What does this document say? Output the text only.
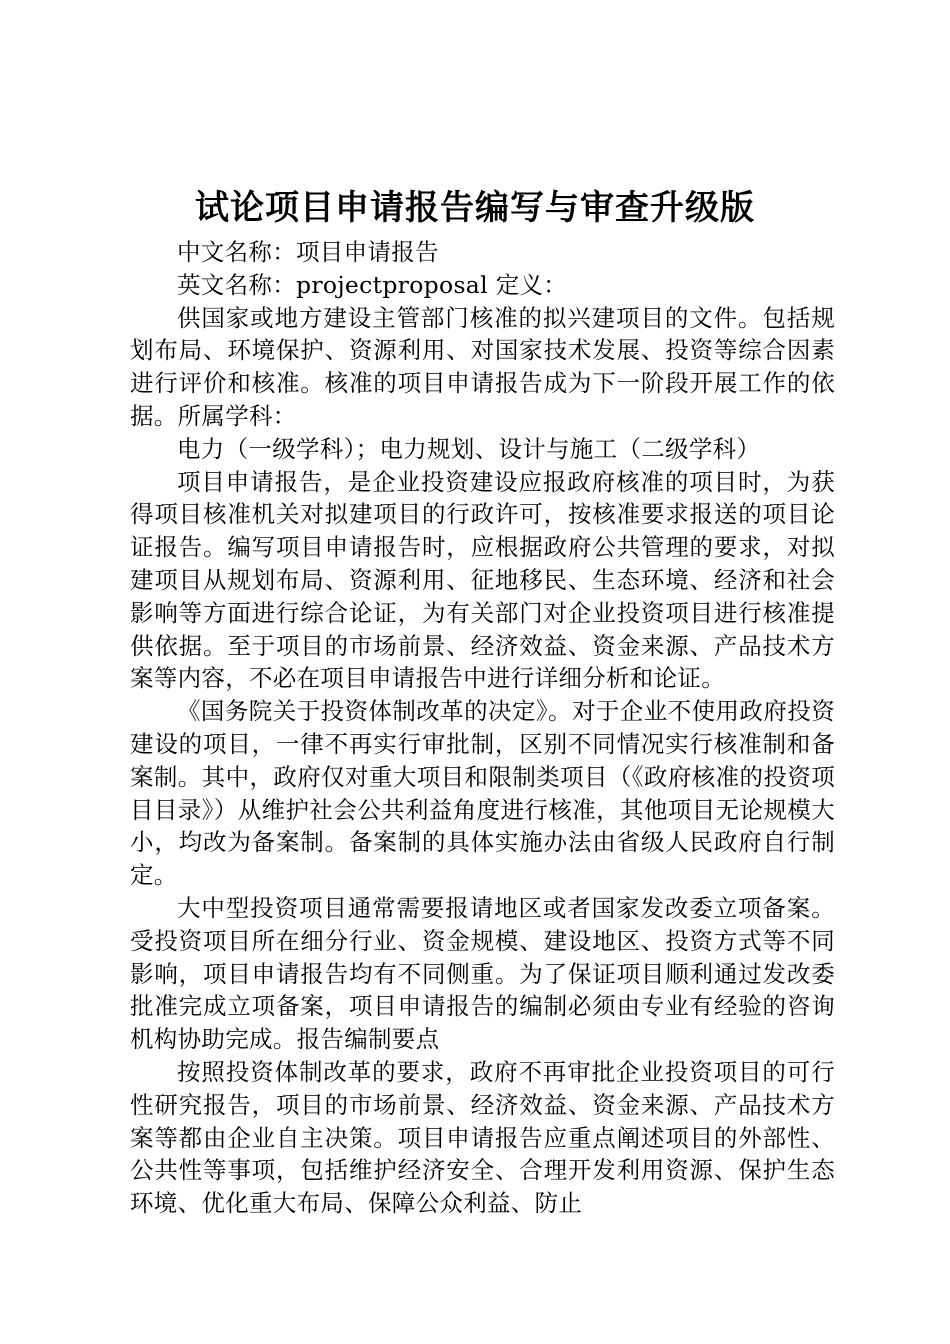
试论项目申请报告编写与审查升级版

中文名称：项目申请报告

英文名称：projectproposal 定义：

供国家或地方建设主管部门核准的拟兴建项目的文件。包括规划布局、环境保护、资源利用、对国家技术发展、投资等综合因素进行评价和核准。核准的项目申请报告成为下一阶段开展工作的依据。所属学科：

电力（一级学科）；电力规划、设计与施工（二级学科）

项目申请报告，是企业投资建设应报政府核准的项目时，为获得项目核准机关对拟建项目的行政许可，按核准要求报送的项目论证报告。编写项目申请报告时，应根据政府公共管理的要求，对拟建项目从规划布局、资源利用、征地移民、生态环境、经济和社会影响等方面进行综合论证，为有关部门对企业投资项目进行核准提供依据。至于项目的市场前景、经济效益、资金来源、产品技术方案等内容，不必在项目申请报告中进行详细分析和论证。

《国务院关于投资体制改革的决定》。对于企业不使用政府投资建设的项目，一律不再实行审批制，区别不同情况实行核准制和备案制。其中，政府仅对重大项目和限制类项目（《政府核准的投资项目目录》）从维护社会公共利益角度进行核准，其他项目无论规模大小，均改为备案制。备案制的具体实施办法由省级人民政府自行制定。

大中型投资项目通常需要报请地区或者国家发改委立项备案。受投资项目所在细分行业、资金规模、建设地区、投资方式等不同影响，项目申请报告均有不同侧重。为了保证项目顺利通过发改委批准完成立项备案，项目申请报告的编制必须由专业有经验的咨询机构协助完成。报告编制要点

按照投资体制改革的要求，政府不再审批企业投资项目的可行性研究报告，项目的市场前景、经济效益、资金来源、产品技术方案等都由企业自主决策。项目申请报告应重点阐述项目的外部性、公共性等事项，包括维护经济安全、合理开发利用资源、保护生态环境、优化重大布局、保障公众利益、防止
